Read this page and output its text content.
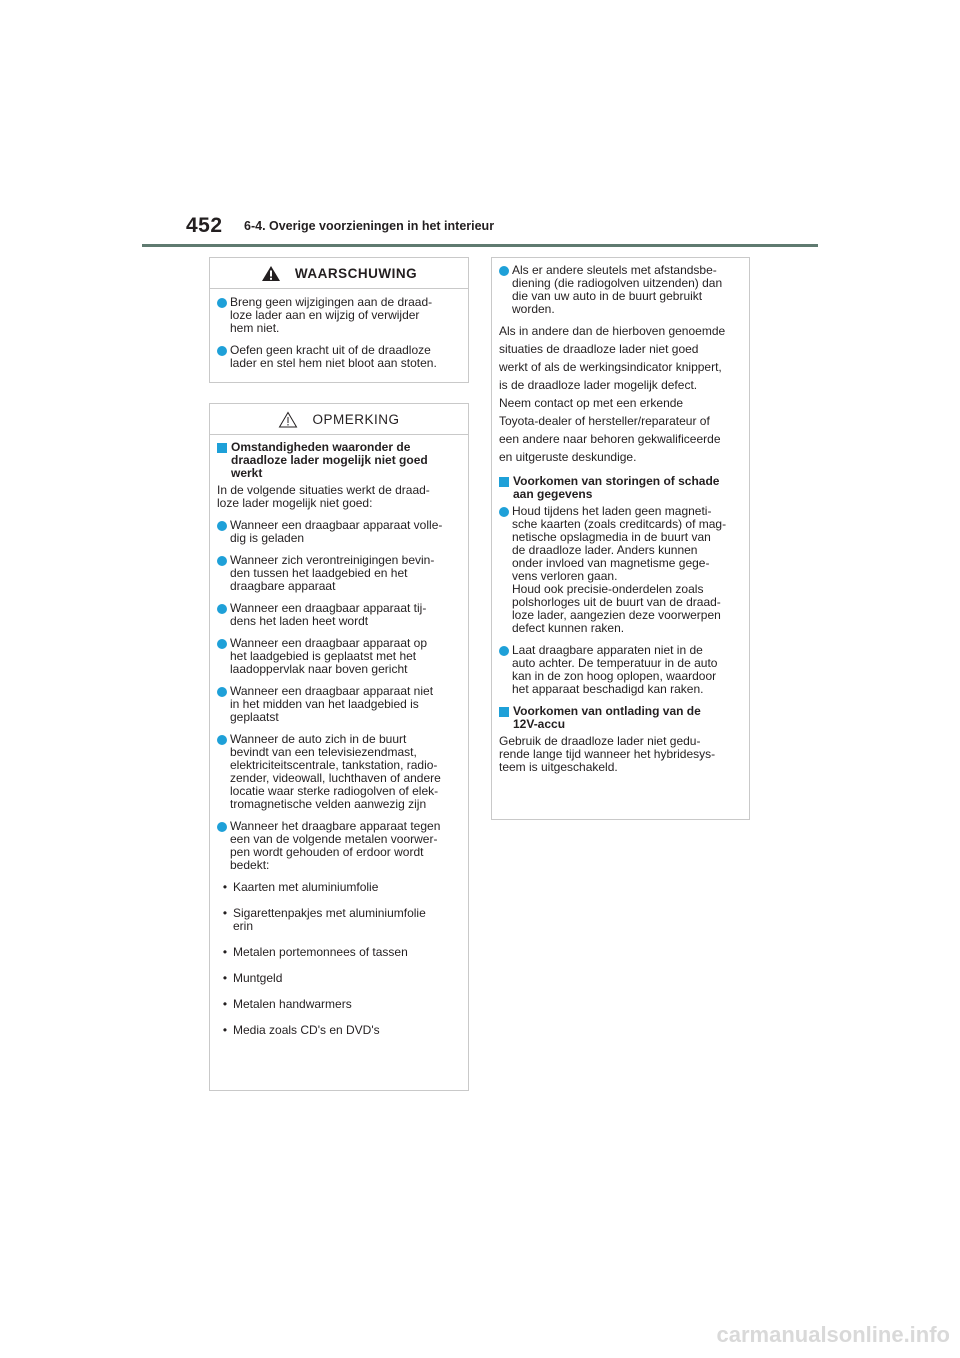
452 6-4. Overige voorzieningen in het interieur
WAARSCHUWING
Breng geen wijzigingen aan de draad-
loze lader aan en wijzig of verwijder
hem niet.
Oefen geen kracht uit of de draadloze
lader en stel hem niet bloot aan stoten.
OPMERKING
Omstandigheden waaronder de
draadloze lader mogelijk niet goed
werkt
In de volgende situaties werkt de draad-
loze lader mogelijk niet goed:
Wanneer een draagbaar apparaat volle-
dig is geladen
Wanneer zich verontreinigingen bevin-
den tussen het laadgebied en het
draagbare apparaat
Wanneer een draagbaar apparaat tij-
dens het laden heet wordt
Wanneer een draagbaar apparaat op
het laadgebied is geplaatst met het
laadoppervlak naar boven gericht
Wanneer een draagbaar apparaat niet
in het midden van het laadgebied is
geplaatst
Wanneer de auto zich in de buurt
bevindt van een televisiezendmast,
elektriciteitscentrale, tankstation, radio-
zender, videowall, luchthaven of andere
locatie waar sterke radiogolven of elek-
tromagnetische velden aanwezig zijn
Wanneer het draagbare apparaat tegen
een van de volgende metalen voorwer-
pen wordt gehouden of erdoor wordt
bedekt:
• Kaarten met aluminiumfolie
• Sigarettenpakjes met aluminiumfolie
erin
• Metalen portemonnees of tassen
• Muntgeld
• Metalen handwarmers
• Media zoals CD's en DVD's
Als er andere sleutels met afstandsbe-
diening (die radiogolven uitzenden) dan
die van uw auto in de buurt gebruikt
worden.
Als in andere dan de hierboven genoemde
situaties de draadloze lader niet goed
werkt of als de werkingsindicator knippert,
is de draadloze lader mogelijk defect.
Neem contact op met een erkende
Toyota-dealer of hersteller/reparateur of
een andere naar behoren gekwalificeerde
en uitgeruste deskundige.
Voorkomen van storingen of schade
aan gegevens
Houd tijdens het laden geen magneti-
sche kaarten (zoals creditcards) of mag-
netische opslagmedia in de buurt van
de draadloze lader. Anders kunnen
onder invloed van magnetisme gege-
vens verloren gaan.
Houd ook precisie-onderdelen zoals
polshorloges uit de buurt van de draad-
loze lader, aangezien deze voorwerpen
defect kunnen raken.
Laat draagbare apparaten niet in de
auto achter. De temperatuur in de auto
kan in de zon hoog oplopen, waardoor
het apparaat beschadigd kan raken.
Voorkomen van ontlading van de
12V-accu
Gebruik de draadloze lader niet gedu-
rende lange tijd wanneer het hybridesys-
teem is uitgeschakeld.
carmanualsonline.info
